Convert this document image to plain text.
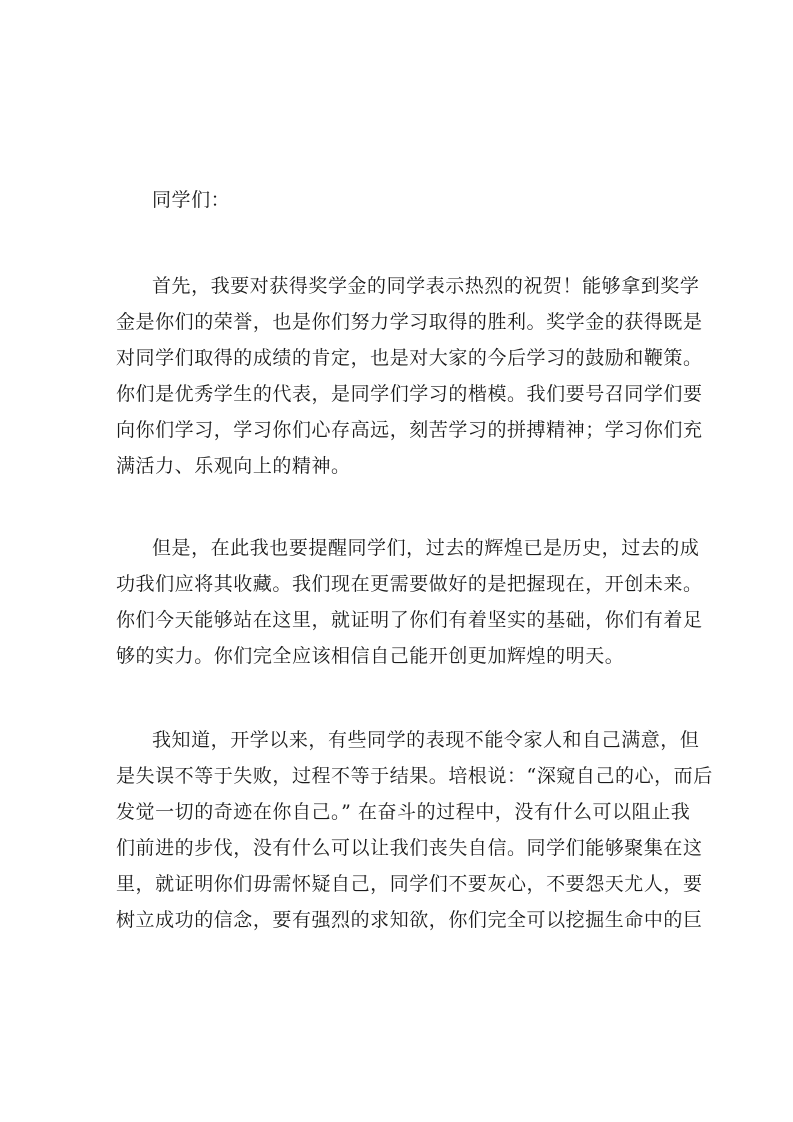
同学们：
首先，我要对获得奖学金的同学表示热烈的祝贺！能够拿到奖学
金是你们的荣誉，也是你们努力学习取得的胜利。奖学金的获得既是
对同学们取得的成绩的肯定，也是对大家的今后学习的鼓励和鞭策。
你们是优秀学生的代表，是同学们学习的楷模。我们要号召同学们要
向你们学习，学习你们心存高远，刻苦学习的拼搏精神；学习你们充
满活力、乐观向上的精神。
但是，在此我也要提醒同学们，过去的辉煌已是历史，过去的成
功我们应将其收藏。我们现在更需要做好的是把握现在，开创未来。
你们今天能够站在这里，就证明了你们有着坚实的基础，你们有着足
够的实力。你们完全应该相信自己能开创更加辉煌的明天。
我知道，开学以来，有些同学的表现不能令家人和自己满意，但
是失误不等于失败，过程不等于结果。培根说：“深窥自己的心，而后
发觉一切的奇迹在你自己。” 在奋斗的过程中，没有什么可以阻止我
们前进的步伐，没有什么可以让我们丧失自信。同学们能够聚集在这
里，就证明你们毋需怀疑自己，同学们不要灰心，不要怨天尤人，要
树立成功的信念，要有强烈的求知欲，你们完全可以挖掘生命中的巨
